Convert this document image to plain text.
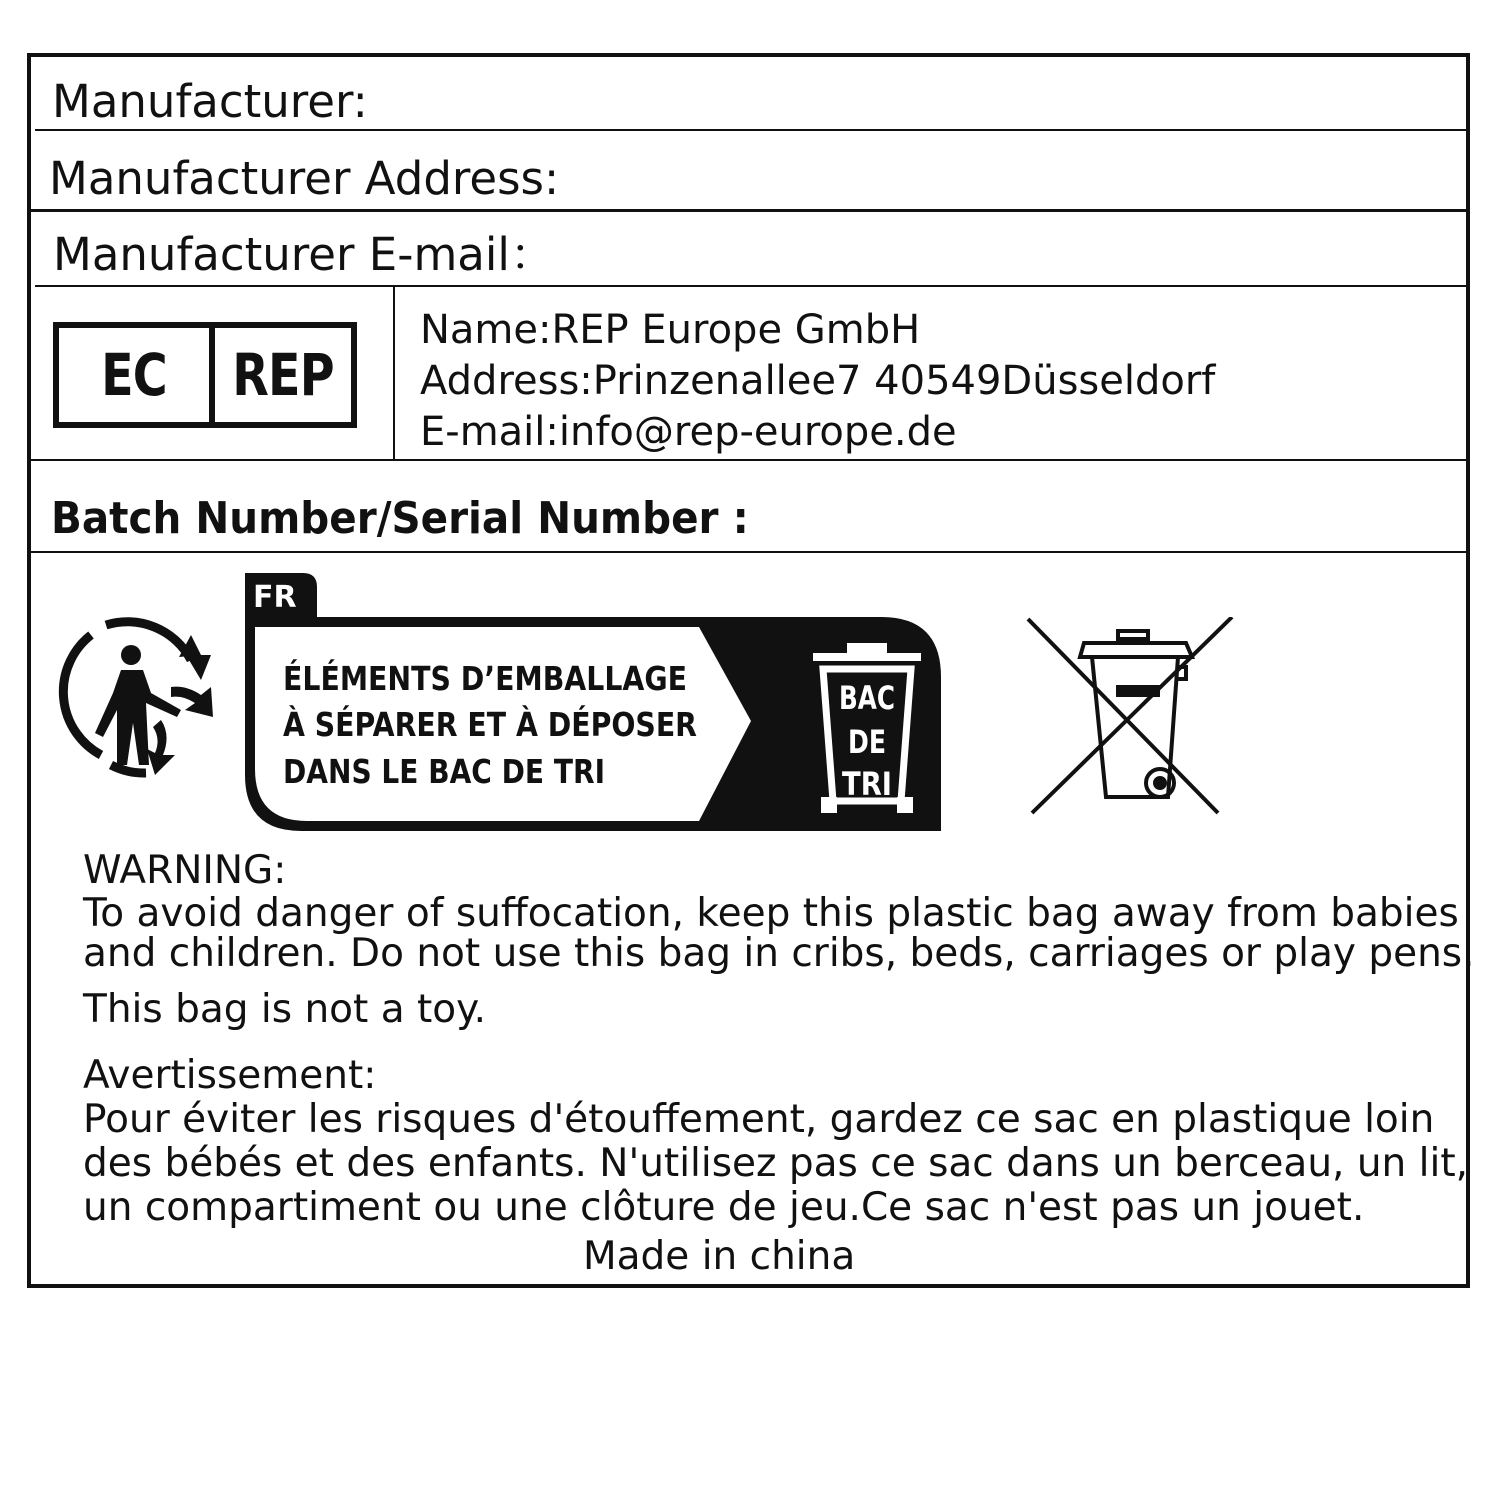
Manufacturer:
Manufacturer Address:
Manufacturer E-mail：
EC	REP
Name:REP Europe GmbH
Address:Prinzenallee7 40549Düsseldorf
E-mail:info@rep-europe.de
Batch Number/Serial Number :
FR
ÉLÉMENTS D’EMBALLAGE
À SÉPARER ET À DÉPOSER
DANS LE BAC DE TRI
BAC
DE
TRI
WARNING:
To avoid danger of suffocation, keep this plastic bag away from babies
and children. Do not use this bag in cribs, beds, carriages or play pens.
This bag is not a toy.
Avertissement:
Pour éviter les risques d'étouffement, gardez ce sac en plastique loin
des bébés et des enfants. N'utilisez pas ce sac dans un berceau, un lit,
un compartiment ou une clôture de jeu.Ce sac n'est pas un jouet.
Made in china
